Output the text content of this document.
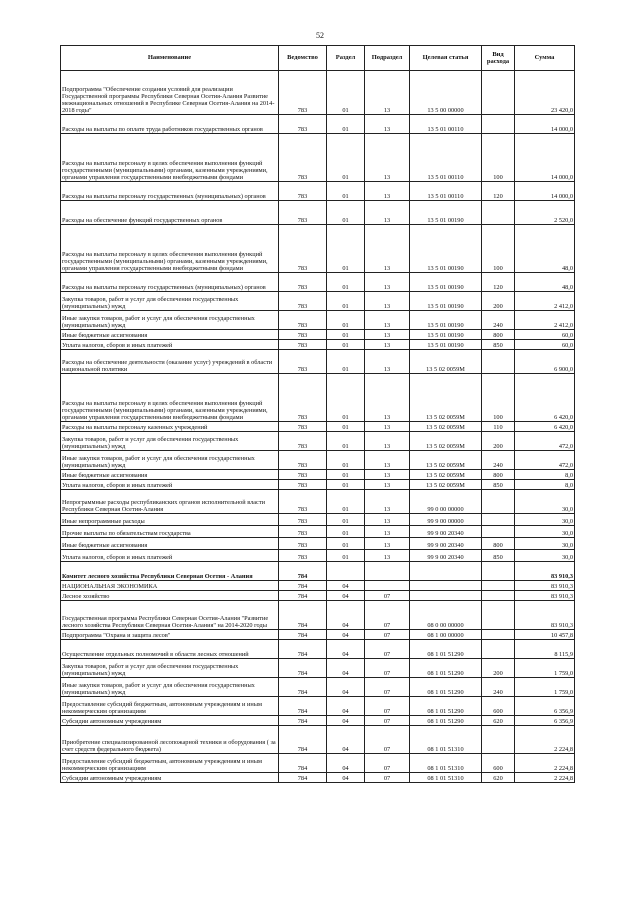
52
Наименование	Ведомство	Раздел	Подраздел	Целевая статья	Вид расхода	Сумма
Подпрограмма "Обеспечение создания условий для реализации Государственной программы Республики Северная Осетия-Алания Развитие межнациональных отношений в Республике Северная Осетия-Алания на 2014-2018 годы"	783	01	13	13 5 00 00000		23 420,0
Расходы на выплаты по оплате труда работников государственных органов	783	01	13	13 5 01 00110		14 000,0
Расходы на выплаты персоналу в целях обеспечения выполнения функций государственными (муниципальными) органами, казенными учреждениями, органами управления государственными внебюджетными фондами	783	01	13	13 5 01 00110	100	14 000,0
Расходы на выплаты персоналу государственных (муниципальных) органов	783	01	13	13 5 01 00110	120	14 000,0
Расходы на обеспечение функций государственных органов	783	01	13	13 5 01 00190		2 520,0
Расходы на выплаты персоналу в целях обеспечения выполнения функций государственными (муниципальными) органами, казенными учреждениями, органами управления государственными внебюджетными фондами	783	01	13	13 5 01 00190	100	48,0
Расходы на выплаты персоналу государственных (муниципальных) органов	783	01	13	13 5 01 00190	120	48,0
Закупка товаров, работ и услуг для обеспечения государственных (муниципальных) нужд	783	01	13	13 5 01 00190	200	2 412,0
Иные закупки товаров, работ и услуг для обеспечения государственных (муниципальных) нужд	783	01	13	13 5 01 00190	240	2 412,0
Иные бюджетные ассигнования	783	01	13	13 5 01 00190	800	60,0
Уплата налогов, сборов и иных платежей	783	01	13	13 5 01 00190	850	60,0
Расходы на обеспечение деятельности (оказание услуг) учреждений в области национальной политики	783	01	13	13 5 02 0059М		6 900,0
Расходы на выплаты персоналу в целях обеспечения выполнения функций государственными (муниципальными) органами, казенными учреждениями, органами управления государственными внебюджетными фондами	783	01	13	13 5 02 0059М	100	6 420,0
Расходы на выплаты персоналу казенных учреждений	783	01	13	13 5 02 0059М	110	6 420,0
Закупка товаров, работ и услуг для обеспечения государственных (муниципальных) нужд	783	01	13	13 5 02 0059М	200	472,0
Иные закупки товаров, работ и услуг для обеспечения государственных (муниципальных) нужд	783	01	13	13 5 02 0059М	240	472,0
Иные бюджетные ассигнования	783	01	13	13 5 02 0059М	800	8,0
Уплата налогов, сборов и иных платежей	783	01	13	13 5 02 0059М	850	8,0
Непрограммные расходы республиканских органов исполнительной власти Республики Северная Осетия-Алания	783	01	13	99 0 00 00000		30,0
Иные непрограммные расходы	783	01	13	99 9 00 00000		30,0
Прочие выплаты по обязательствам государства	783	01	13	99 9 00 20340		30,0
Иные бюджетные ассигнования	783	01	13	99 9 00 20340	800	30,0
Уплата налогов, сборов и иных платежей	783	01	13	99 9 00 20340	850	30,0
Комитет лесного хозяйства Республики Северная Осетия - Алания	784					83 910,3
НАЦИОНАЛЬНАЯ ЭКОНОМИКА	784	04				83 910,3
Лесное хозяйство	784	04	07			83 910,3
Государственная программа Республики Северная Осетия-Алания "Развитие лесного хозяйства Республики Северная Осетия-Алания" на 2014-2020 годы	784	04	07	08 0 00 00000		83 910,3
Подпрограмма "Охрана и защита лесов"	784	04	07	08 1 00 00000		10 457,8
Осуществление отдельных полномочий в области лесных отношений	784	04	07	08 1 01 51290		8 115,9
Закупка товаров, работ и услуг для обеспечения государственных (муниципальных) нужд	784	04	07	08 1 01 51290	200	1 759,0
Иные закупки товаров, работ и услуг для обеспечения государственных (муниципальных) нужд	784	04	07	08 1 01 51290	240	1 759,0
Предоставление субсидий бюджетным, автономным учреждениям и иным некоммерческим организациям	784	04	07	08 1 01 51290	600	6 356,9
Субсидии автономным учреждениям	784	04	07	08 1 01 51290	620	6 356,9
Приобретение специализированной лесопожарной техники и оборудования ( за счет средств федерального бюджета)	784	04	07	08 1 01 51310		2 224,8
Предоставление субсидий бюджетным, автономным учреждениям и иным некоммерческим организациям	784	04	07	08 1 01 51310	600	2 224,8
Субсидии автономным учреждениям	784	04	07	08 1 01 51310	620	2 224,8
